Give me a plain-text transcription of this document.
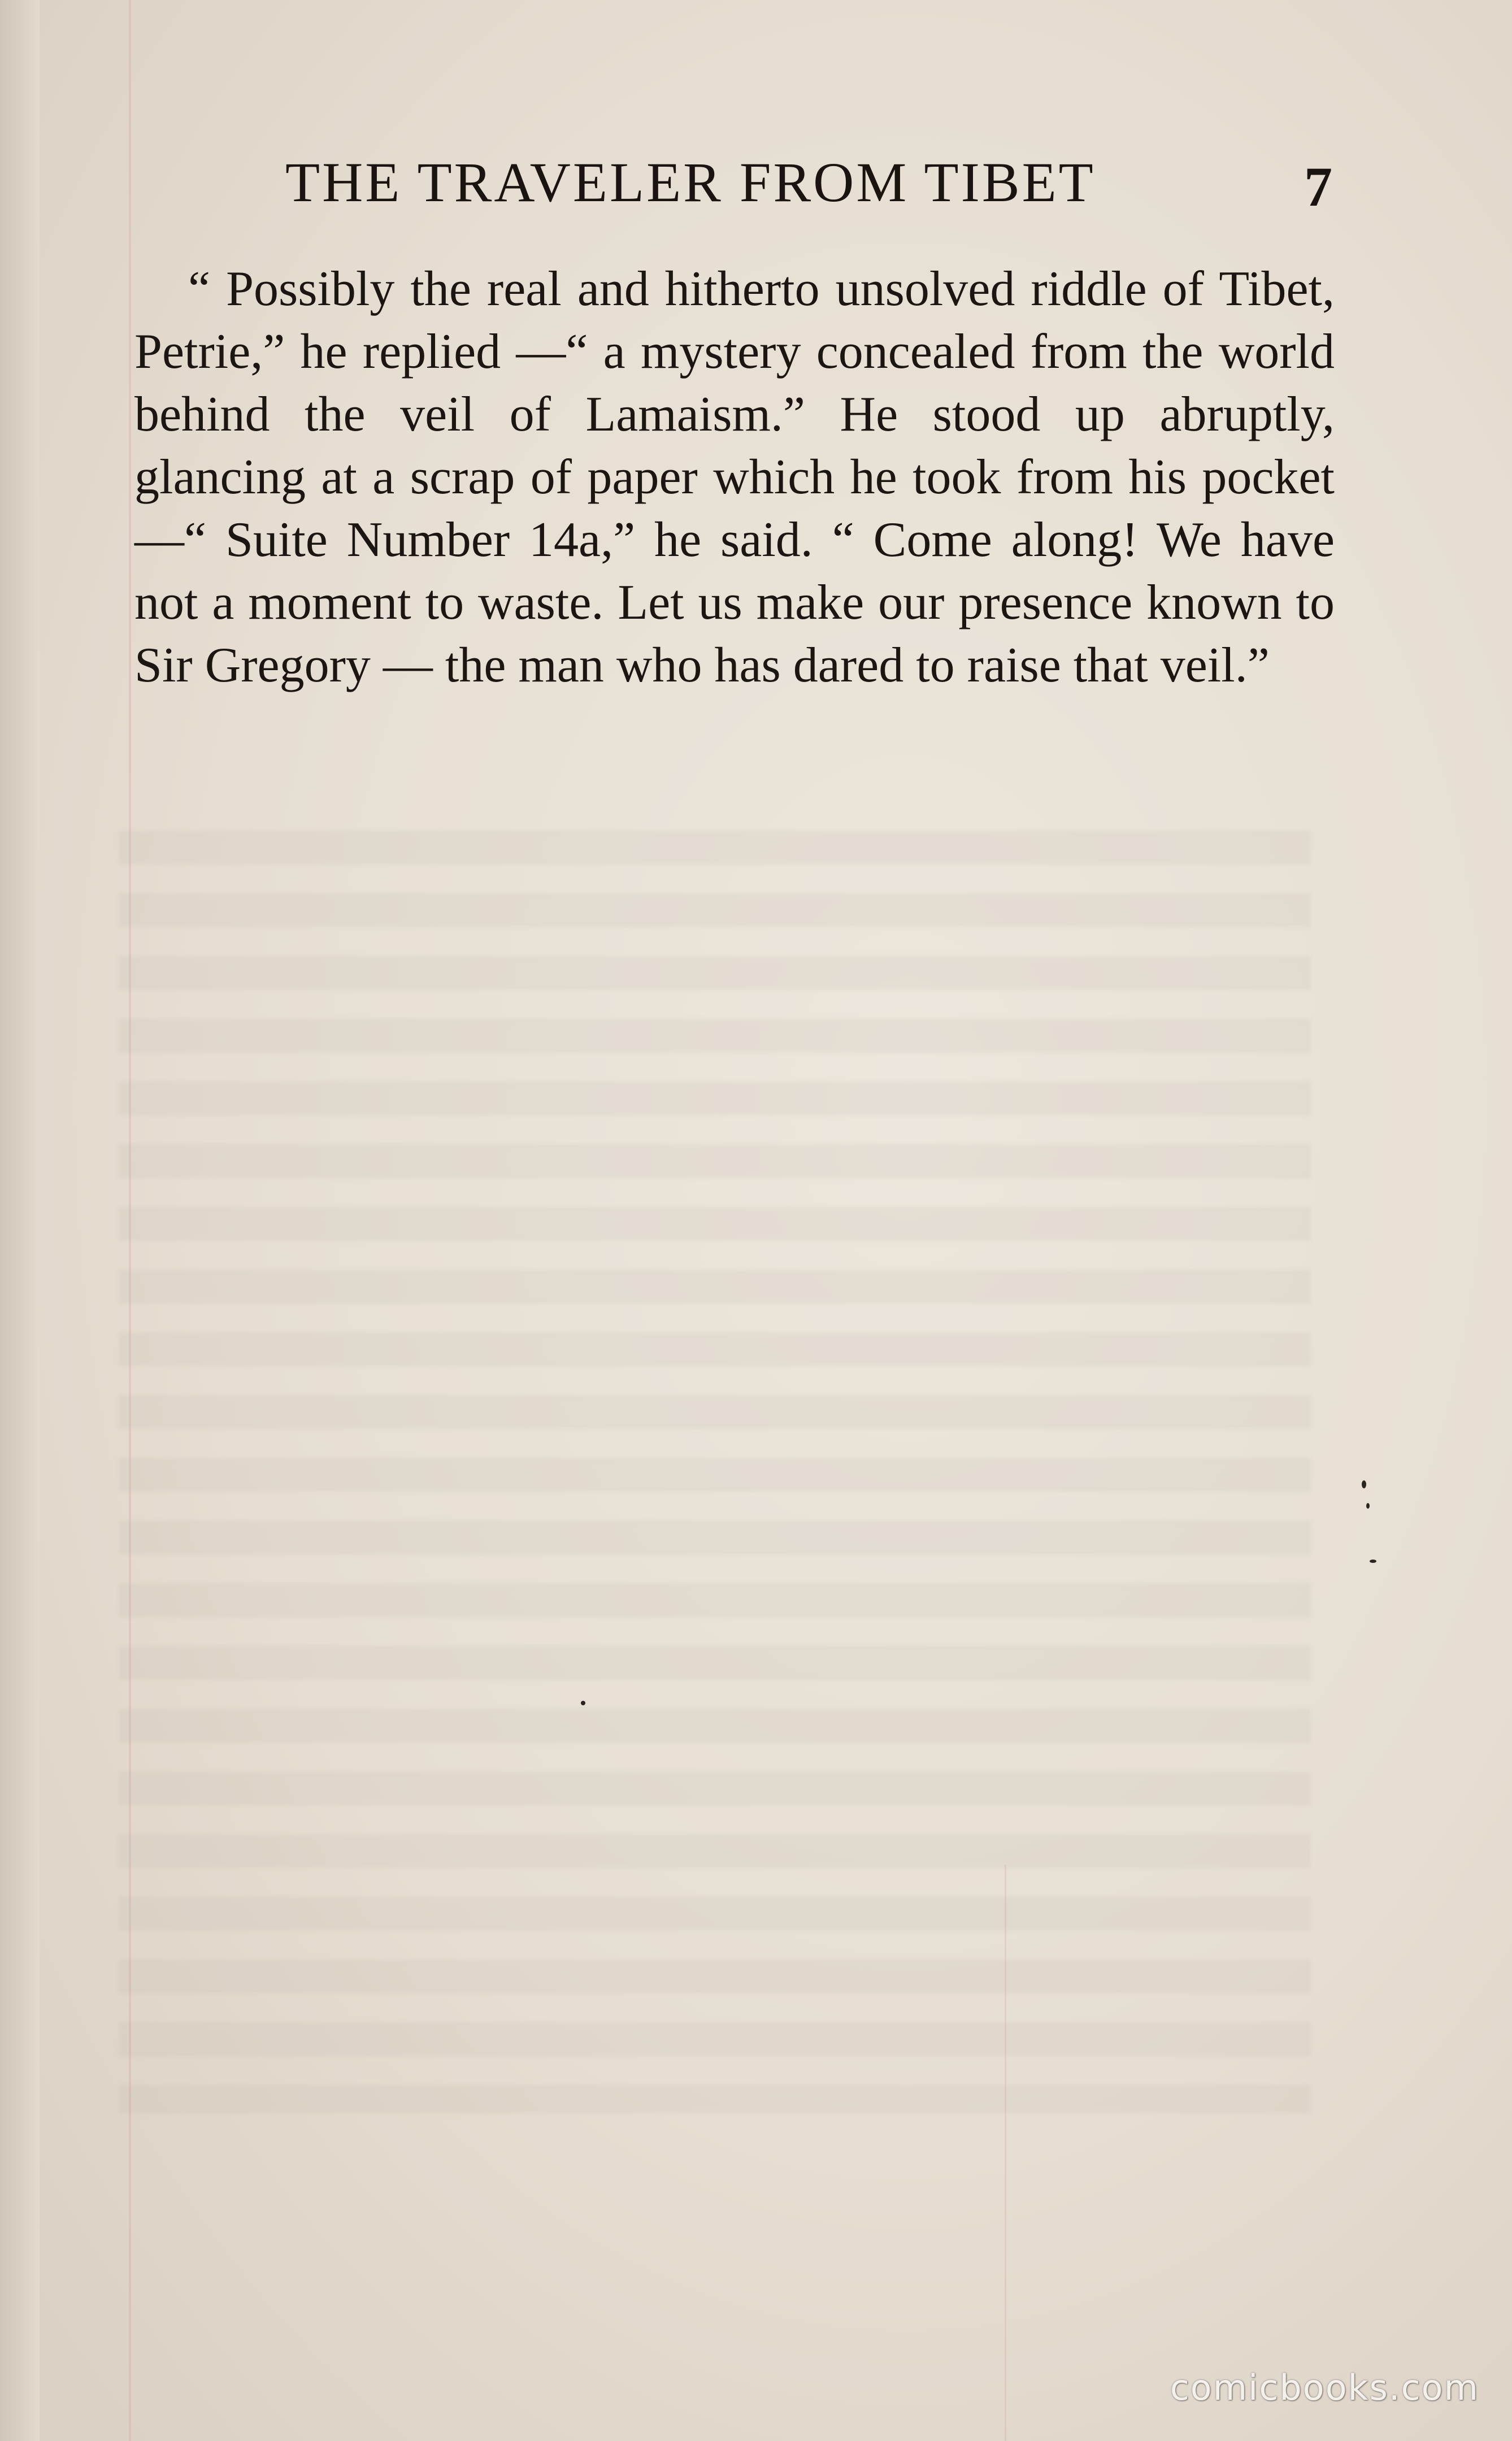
THE TRAVELER FROM TIBET	7

“ Possibly the real and hitherto unsolved riddle of Tibet, Petrie,” he replied —“ a mystery concealed from the world behind the veil of Lamaism.” He stood up abruptly, glancing at a scrap of paper which he took from his pocket —“ Suite Number 14a,” he said. “ Come along! We have not a moment to waste. Let us make our presence known to Sir Gregory — the man who has dared to raise that veil.”

comicbooks.com
